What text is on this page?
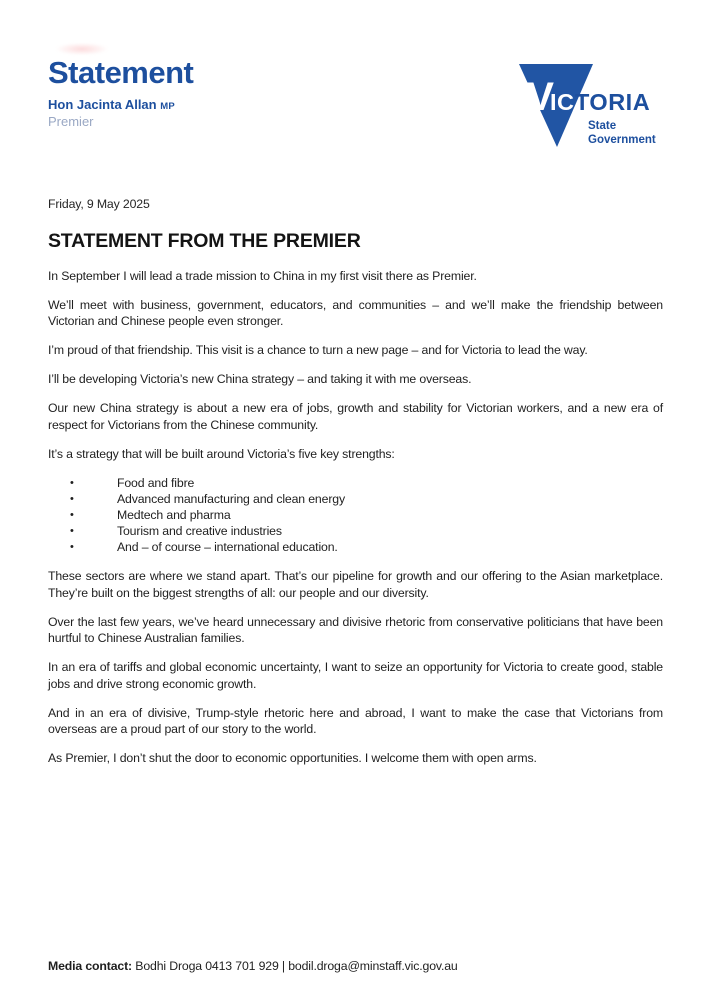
Statement
Hon Jacinta Allan MP
Premier
V
IC TORIA
State
Government
Friday, 9 May 2025
STATEMENT FROM THE PREMIER

In September I will lead a trade mission to China in my first visit there as Premier.

We’ll meet with business, government, educators, and communities – and we’ll make the friendship between Victorian and Chinese people even stronger.

I’m proud of that friendship. This visit is a chance to turn a new page – and for Victoria to lead the way.

I’ll be developing Victoria’s new China strategy – and taking it with me overseas.

Our new China strategy is about a new era of jobs, growth and stability for Victorian workers, and a new era of respect for Victorians from the Chinese community.

It’s a strategy that will be built around Victoria’s five key strengths:

•	Food and fibre
•	Advanced manufacturing and clean energy
•	Medtech and pharma
•	Tourism and creative industries
•	And – of course – international education.

These sectors are where we stand apart. That’s our pipeline for growth and our offering to the Asian marketplace. They’re built on the biggest strengths of all: our people and our diversity.

Over the last few years, we’ve heard unnecessary and divisive rhetoric from conservative politicians that have been hurtful to Chinese Australian families.

In an era of tariffs and global economic uncertainty, I want to seize an opportunity for Victoria to create good, stable jobs and drive strong economic growth.

And in an era of divisive, Trump-style rhetoric here and abroad, I want to make the case that Victorians from overseas are a proud part of our story to the world.

As Premier, I don’t shut the door to economic opportunities. I welcome them with open arms.

Media contact: Bodhi Droga 0413 701 929 | bodil.droga@minstaff.vic.gov.au
